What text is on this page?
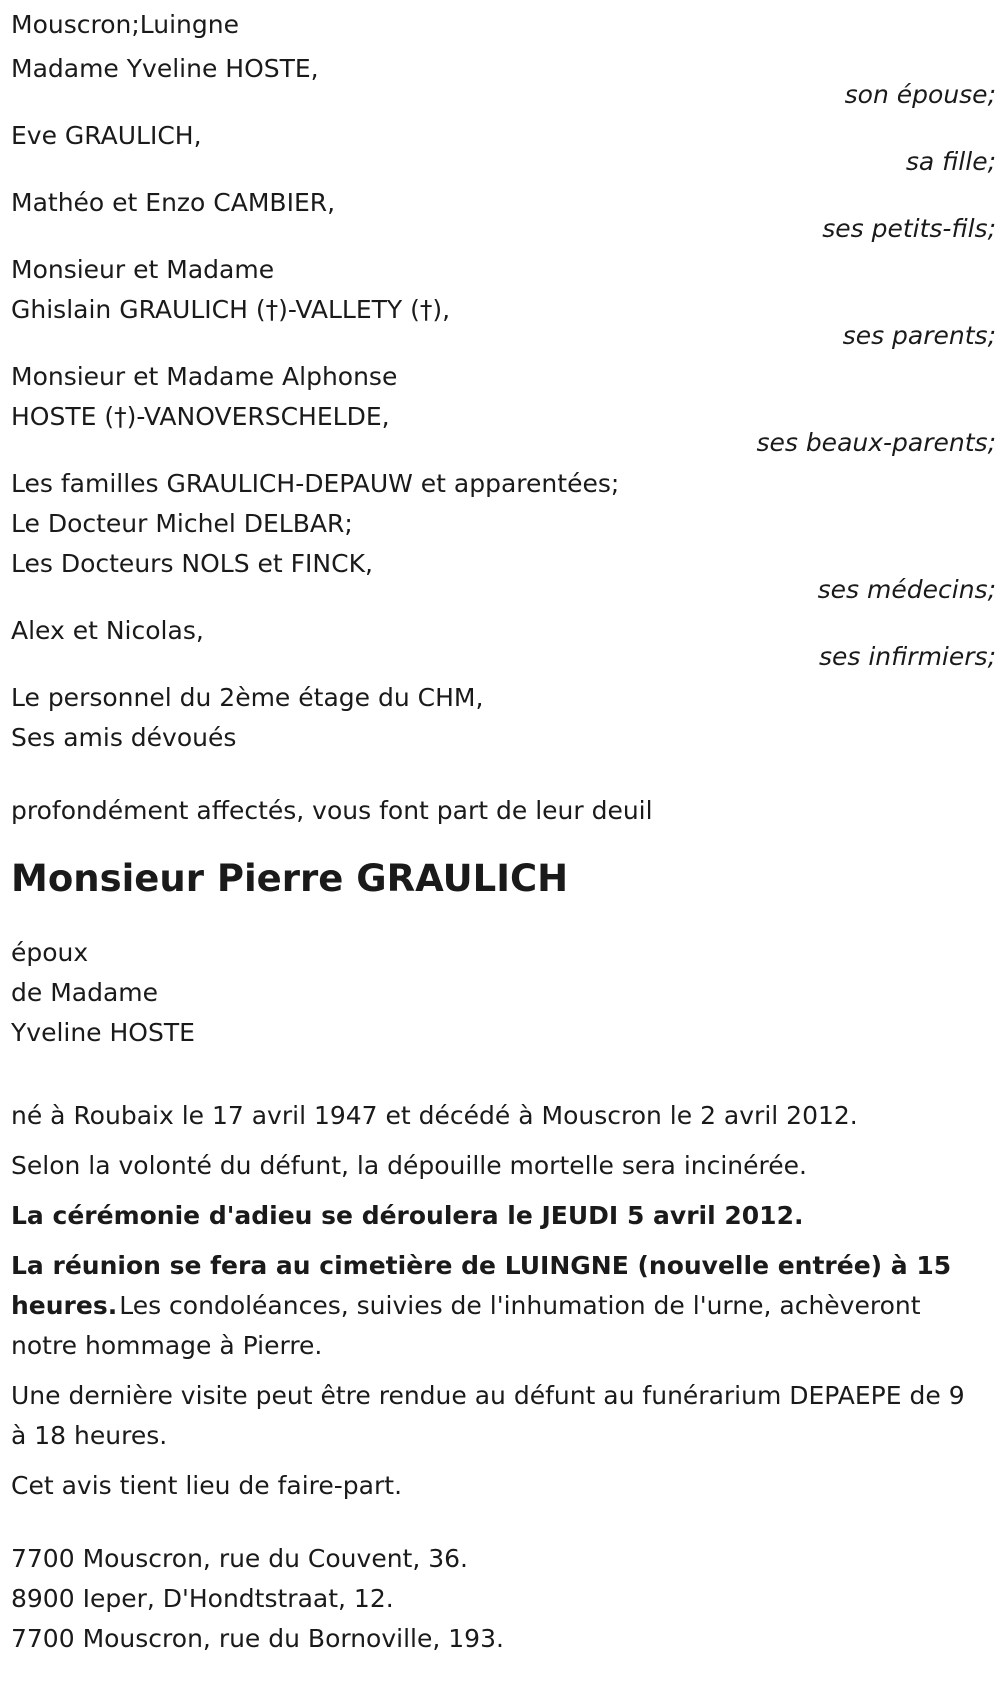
Mouscron;Luingne
Madame Yveline HOSTE,
son épouse;
Eve GRAULICH,
sa fille;
Mathéo et Enzo CAMBIER,
ses petits-fils;
Monsieur et Madame
Ghislain GRAULICH (†)-VALLETY (†),
ses parents;
Monsieur et Madame Alphonse
HOSTE (†)-VANOVERSCHELDE,
ses beaux-parents;
Les familles GRAULICH-DEPAUW et apparentées;
Le Docteur Michel DELBAR;
Les Docteurs NOLS et FINCK,
ses médecins;
Alex et Nicolas,
ses infirmiers;
Le personnel du 2ème étage du CHM,
Ses amis dévoués
profondément affectés, vous font part de leur deuil
Monsieur Pierre GRAULICH
époux
de Madame
Yveline HOSTE
né à Roubaix le 17 avril 1947 et décédé à Mouscron le 2 avril 2012.
Selon la volonté du défunt, la dépouille mortelle sera incinérée.
La cérémonie d'adieu se déroulera le JEUDI 5 avril 2012.
La réunion se fera au cimetière de LUINGNE (nouvelle entrée) à 15 heures.Les condoléances, suivies de l'inhumation de l'urne, achèveront notre hommage à Pierre.
Une dernière visite peut être rendue au défunt au funérarium DEPAEPE de 9 à 18 heures.
Cet avis tient lieu de faire-part.
7700 Mouscron, rue du Couvent, 36.
8900 Ieper, D'Hondtstraat, 12.
7700 Mouscron, rue du Bornoville, 193.
